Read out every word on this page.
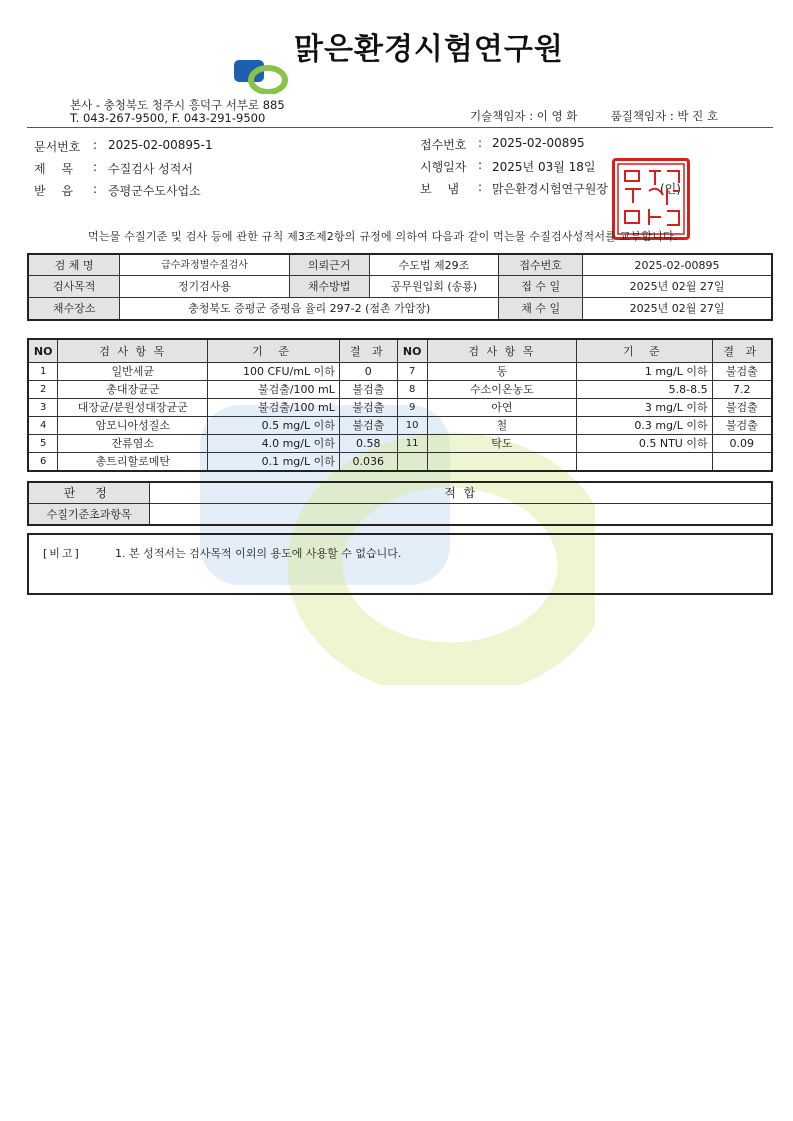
맑은환경시험연구원
본사 - 충청북도 청주시 흥덕구 서부로 885
T. 043-267-9500, F. 043-291-9500	기술책임자 : 이 영 화	품질책임자 : 박 진 호
문서번호 : 2025-02-00895-1
제 목 : 수질검사 성적서
받 음 : 증평군수도사업소
접수번호 : 2025-02-00895
시행일자 : 2025년 03월 18일
보 냄 : 맑은환경시험연구원장	(인)
먹는물 수질기준 및 검사 등에 관한 규칙 제3조제2항의 규정에 의하여 다음과 같이 먹는물 수질검사성적서를 교부합니다.
검 체 명	급수과정별수질검사	의뢰근거	수도법 제29조	접수번호	2025-02-00895
검사목적	정기검사용	채수방법	공무원입회 (송룡)	접 수 일	2025년 02월 27일
채수장소	충청북도 증평군 증평읍 율리 297-2 (점촌 가압장)			채 수 일	2025년 02월 27일
NO	검 사 항 목	기 준	결 과	NO	검 사 항 목	기 준	결 과
1	일반세균	100 CFU/mL 이하	0	7	동	1 mg/L 이하	불검출
2	총대장균군	불검출/100 mL	불검출	8	수소이온농도	5.8-8.5	7.2
3	대장균/분원성대장균군	불검출/100 mL	불검출	9	아연	3 mg/L 이하	불검출
4	암모니아성질소	0.5 mg/L 이하	불검출	10	철	0.3 mg/L 이하	불검출
5	잔류염소	4.0 mg/L 이하	0.58	11	탁도	0.5 NTU 이하	0.09
6	총트리할로메탄	0.1 mg/L 이하	0.036				
판 정	적 합
수질기준초과항목	
[비고]	1. 본 성적서는 검사목적 이외의 용도에 사용할 수 없습니다.
